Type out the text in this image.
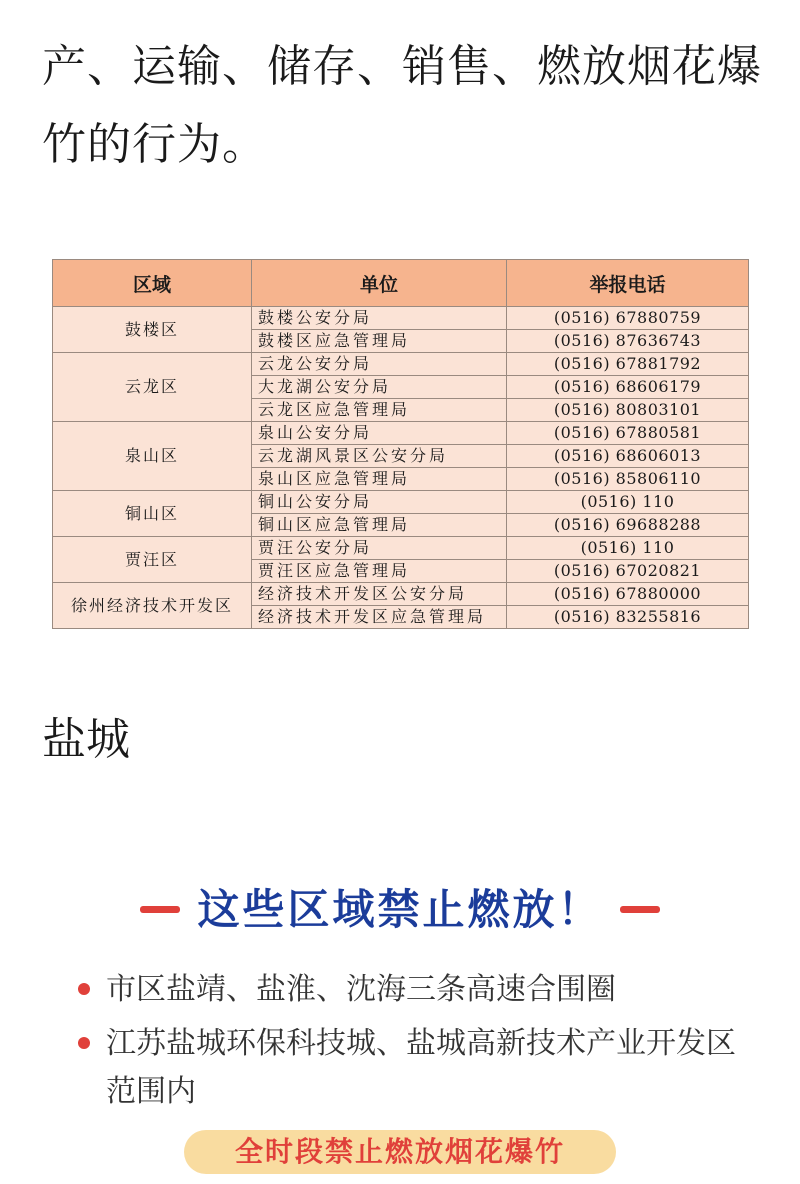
产、运输、储存、销售、燃放烟花爆竹的行为。

区域	单位	举报电话
鼓楼区	鼓楼公安分局	(0516) 67880759
	鼓楼区应急管理局	(0516) 87636743
云龙区	云龙公安分局	(0516) 67881792
	大龙湖公安分局	(0516) 68606179
	云龙区应急管理局	(0516) 80803101
泉山区	泉山公安分局	(0516) 67880581
	云龙湖风景区公安分局	(0516) 68606013
	泉山区应急管理局	(0516) 85806110
铜山区	铜山公安分局	(0516) 110
	铜山区应急管理局	(0516) 69688288
贾汪区	贾汪公安分局	(0516) 110
	贾汪区应急管理局	(0516) 67020821
徐州经济技术开发区	经济技术开发区公安分局	(0516) 67880000
	经济技术开发区应急管理局	(0516) 83255816
盐城
这些区域禁止燃放！
市区盐靖、盐淮、沈海三条高速合围圈
江苏盐城环保科技城、盐城高新技术产业开发区范围内
全时段禁止燃放烟花爆竹
